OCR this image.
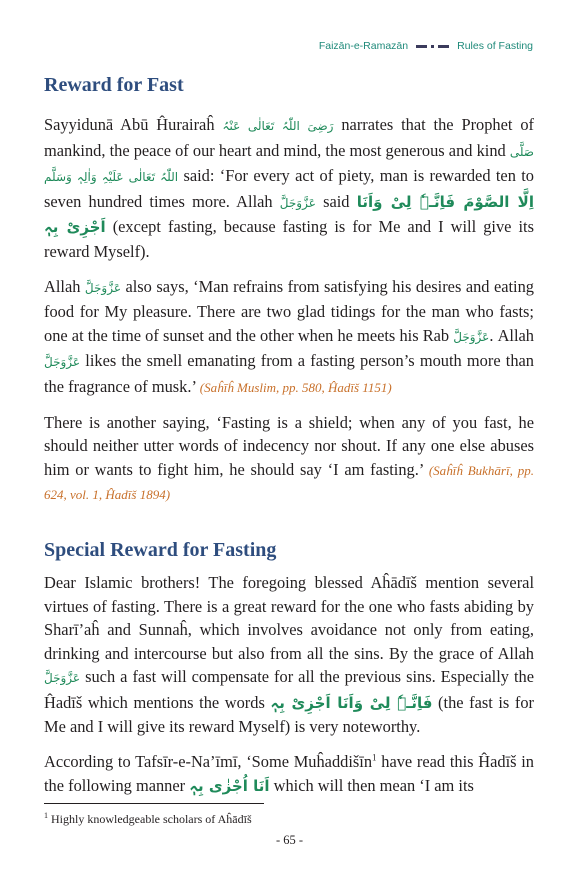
Faizān-e-Ramazān	Rules of Fasting
Reward for Fast

Sayyidunā Abū Ĥurairaĥ رَضِیَ اللّٰہُ تَعَالٰی عَنْہُ narrates that the Prophet of mankind, the peace of our heart and mind, the most generous and kind صَلَّی اللّٰہُ تَعَالٰی عَلَیْہِ وَاٰلِہٖ وَسَلَّم said: ‘For every act of piety, man is rewarded ten to seven hundred times more. Allah عَزَّوَجَلَّ said اِلَّا الصَّوْمَ فَاِنَّـہٗ لِیْ وَاَنَا اَجْزِیْ بِہٖ (except fasting, because fasting is for Me and I will give its reward Myself).

Allah عَزَّوَجَلَّ also says, ‘Man refrains from satisfying his desires and eating food for My pleasure. There are two glad tidings for the man who fasts; one at the time of sunset and the other when he meets his Rab عَزَّوَجَلَّ. Allah عَزَّوَجَلَّ likes the smell emanating from a fasting person’s mouth more than the fragrance of musk.’ (Saĥīĥ Muslim, pp. 580, Ĥadīš 1151)

There is another saying, ‘Fasting is a shield; when any of you fast, he should neither utter words of indecency nor shout. If any one else abuses him or wants to fight him, he should say ‘I am fasting.’ (Saĥīĥ Bukhārī, pp. 624, vol. 1, Ĥadīš 1894)

Special Reward for Fasting

Dear Islamic brothers! The foregoing blessed Aĥādīš mention several virtues of fasting. There is a great reward for the one who fasts abiding by Sharī’aĥ and Sunnaĥ, which involves avoidance not only from eating, drinking and intercourse but also from all the sins. By the grace of Allah عَزَّوَجَلَّ such a fast will compensate for all the previous sins. Especially the Ĥadīš which mentions the words فَاِنَّـہٗ لِیْ وَاَنَا اَجْزِیْ بِہٖ (the fast is for Me and I will give its reward Myself) is very noteworthy.

According to Tafsīr-e-Na’īmī, ‘Some Muĥaddišīn$^1$ have read this Ĥadīš in the following manner اَنَا اُجْزٰی بِہٖ which will then mean ‘I am its

$^1$ Highly knowledgeable scholars of Aĥādīš
- 65 -
